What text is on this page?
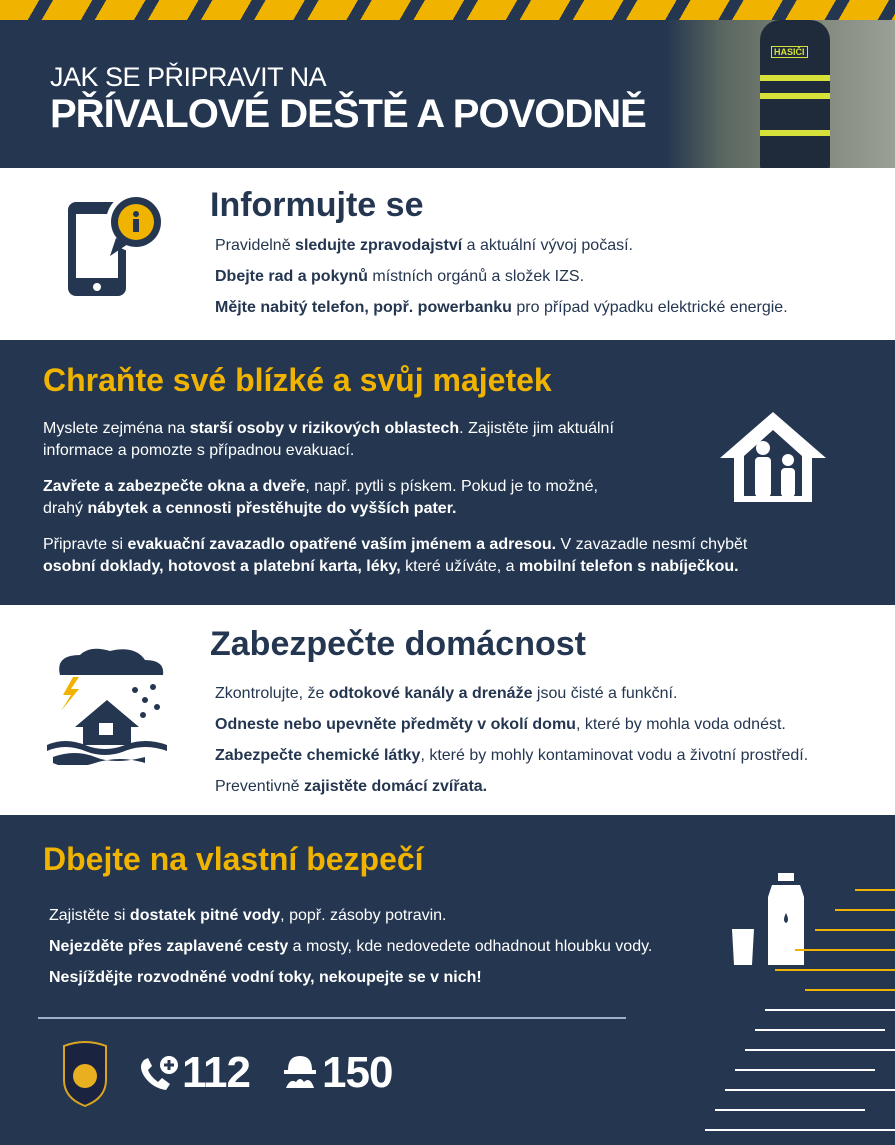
HASIČI
JAK SE PŘIPRAVIT NA
PŘÍVALOVÉ DEŠTĚ A POVODNĚ
Informujte se
Pravidelně sledujte zpravodajství a aktuální vývoj počasí.
Dbejte rad a pokynů místních orgánů a složek IZS.
Mějte nabitý telefon, popř. powerbanku pro případ výpadku elektrické energie.
Chraňte své blízké a svůj majetek
Myslete zejména na starší osoby v rizikových oblastech. Zajistěte jim aktuální informace a pomozte s případnou evakuací.
Zavřete a zabezpečte okna a dveře, např. pytli s pískem. Pokud je to možné, drahý nábytek a cennosti přestěhujte do vyšších pater.
Připravte si evakuační zavazadlo opatřené vaším jménem a adresou. V zavazadle nesmí chybět osobní doklady, hotovost a platební karta, léky, které užíváte, a mobilní telefon s nabíječkou.
Zabezpečte domácnost
Zkontrolujte, že odtokové kanály a drenáže jsou čisté a funkční.
Odneste nebo upevněte předměty v okolí domu, které by mohla voda odnést.
Zabezpečte chemické látky, které by mohly kontaminovat vodu a životní prostředí.
Preventivně zajistěte domácí zvířata.
Dbejte na vlastní bezpečí
Zajistěte si dostatek pitné vody, popř. zásoby potravin.
Nejezděte přes zaplavené cesty a mosty, kde nedovedete odhadnout hloubku vody.
Nesjíždějte rozvodněné vodní toky, nekoupejte se v nich!
112 150
